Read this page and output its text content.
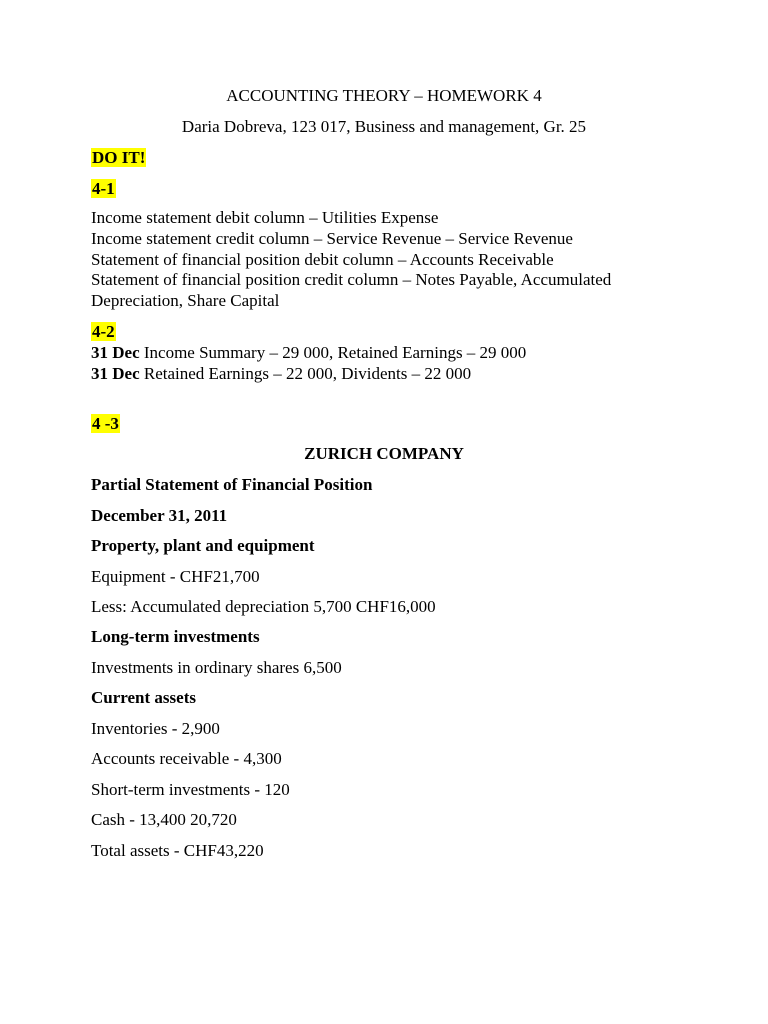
ACCOUNTING THEORY – HOMEWORK 4
Daria Dobreva, 123 017, Business and management, Gr. 25
DO IT!
4-1
Income statement debit column – Utilities Expense
Income statement credit column – Service Revenue – Service Revenue
Statement of financial position debit column – Accounts Receivable
Statement of financial position credit column – Notes Payable, Accumulated
Depreciation, Share Capital
4-2
31 Dec Income Summary – 29 000, Retained Earnings – 29 000
31 Dec Retained Earnings – 22 000, Dividents – 22 000
4 -3
ZURICH COMPANY
Partial Statement of Financial Position
December 31, 2011
Property, plant and equipment
Equipment - CHF21,700
Less: Accumulated depreciation 5,700 CHF16,000
Long-term investments
Investments in ordinary shares 6,500
Current assets
Inventories - 2,900
Accounts receivable - 4,300
Short-term investments - 120
Cash - 13,400 20,720
Total assets - CHF43,220
